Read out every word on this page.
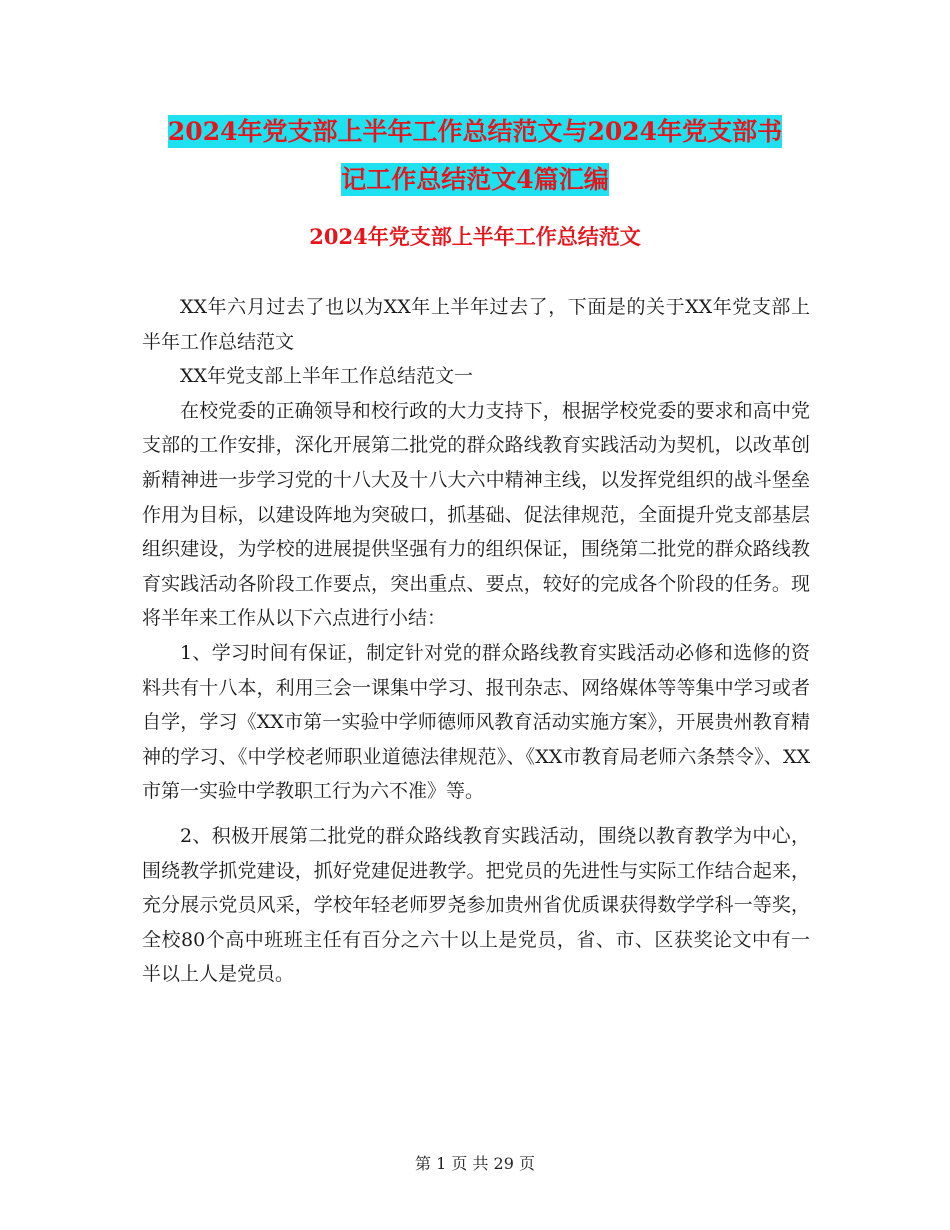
2024年党支部上半年工作总结范文与2024年党支部书
记工作总结范文4篇汇编
2024年党支部上半年工作总结范文

XX年六月过去了也以为XX年上半年过去了，下面是的关于XX年党支部上半年工作总结范文

XX年党支部上半年工作总结范文一

在校党委的正确领导和校行政的大力支持下，根据学校党委的要求和高中党支部的工作安排，深化开展第二批党的群众路线教育实践活动为契机，以改革创新精神进一步学习党的十八大及十八大六中精神主线，以发挥党组织的战斗堡垒作用为目标，以建设阵地为突破口，抓基础、促法律规范，全面提升党支部基层组织建设，为学校的进展提供坚强有力的组织保证，围绕第二批党的群众路线教育实践活动各阶段工作要点，突出重点、要点，较好的完成各个阶段的任务。现将半年来工作从以下六点进行小结：

1、学习时间有保证，制定针对党的群众路线教育实践活动必修和选修的资料共有十八本，利用三会一课集中学习、报刊杂志、网络媒体等等集中学习或者自学，学习《XX市第一实验中学师德师风教育活动实施方案》，开展贵州教育精神的学习、《中学校老师职业道德法律规范》、《XX市教育局老师六条禁令》、XX市第一实验中学教职工行为六不准》等。

2、积极开展第二批党的群众路线教育实践活动，围绕以教育教学为中心，围绕教学抓党建设，抓好党建促进教学。把党员的先进性与实际工作结合起来，充分展示党员风采，学校年轻老师罗尧参加贵州省优质课获得数学学科一等奖，全校80个高中班班主任有百分之六十以上是党员，省、市、区获奖论文中有一半以上人是党员。

第 1 页 共 29 页
